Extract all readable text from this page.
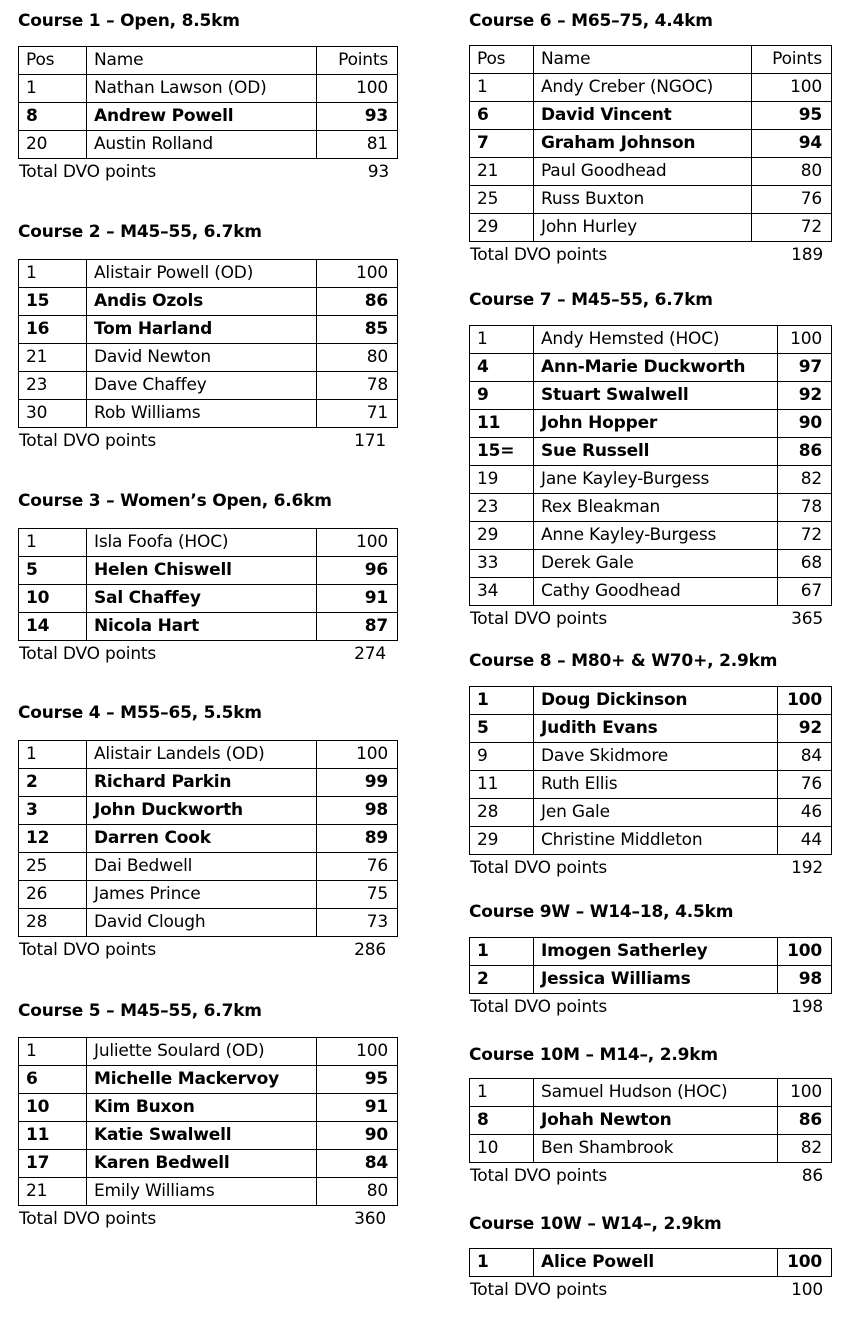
Course 1 – Open, 8.5km
Pos	Name	Points
1	Nathan Lawson (OD)	100
8	Andrew Powell	93
20	Austin Rolland	81
Total DVO points	93
Course 2 – M45–55, 6.7km
1	Alistair Powell (OD)	100
15	Andis Ozols	86
16	Tom Harland	85
21	David Newton	80
23	Dave Chaffey	78
30	Rob Williams	71
Total DVO points	171
Course 3 – Women’s Open, 6.6km
1	Isla Foofa (HOC)	100
5	Helen Chiswell	96
10	Sal Chaffey	91
14	Nicola Hart	87
Total DVO points	274
Course 4 – M55–65, 5.5km
1	Alistair Landels (OD)	100
2	Richard Parkin	99
3	John Duckworth	98
12	Darren Cook	89
25	Dai Bedwell	76
26	James Prince	75
28	David Clough	73
Total DVO points	286
Course 5 – M45–55, 6.7km
1	Juliette Soulard (OD)	100
6	Michelle Mackervoy	95
10	Kim Buxon	91
11	Katie Swalwell	90
17	Karen Bedwell	84
21	Emily Williams	80
Total DVO points	360
Course 6 – M65–75, 4.4km
Pos	Name	Points
1	Andy Creber (NGOC)	100
6	David Vincent	95
7	Graham Johnson	94
21	Paul Goodhead	80
25	Russ Buxton	76
29	John Hurley	72
Total DVO points	189
Course 7 – M45–55, 6.7km
1	Andy Hemsted (HOC)	100
4	Ann-Marie Duckworth	97
9	Stuart Swalwell	92
11	John Hopper	90
15=	Sue Russell	86
19	Jane Kayley-Burgess	82
23	Rex Bleakman	78
29	Anne Kayley-Burgess	72
33	Derek Gale	68
34	Cathy Goodhead	67
Total DVO points	365
Course 8 – M80+ & W70+, 2.9km
1	Doug Dickinson	100
5	Judith Evans	92
9	Dave Skidmore	84
11	Ruth Ellis	76
28	Jen Gale	46
29	Christine Middleton	44
Total DVO points	192
Course 9W – W14–18, 4.5km
1	Imogen Satherley	100
2	Jessica Williams	98
Total DVO points	198
Course 10M – M14–, 2.9km
1	Samuel Hudson (HOC)	100
8	Johah Newton	86
10	Ben Shambrook	82
Total DVO points	86
Course 10W – W14–, 2.9km
1	Alice Powell	100
Total DVO points	100
